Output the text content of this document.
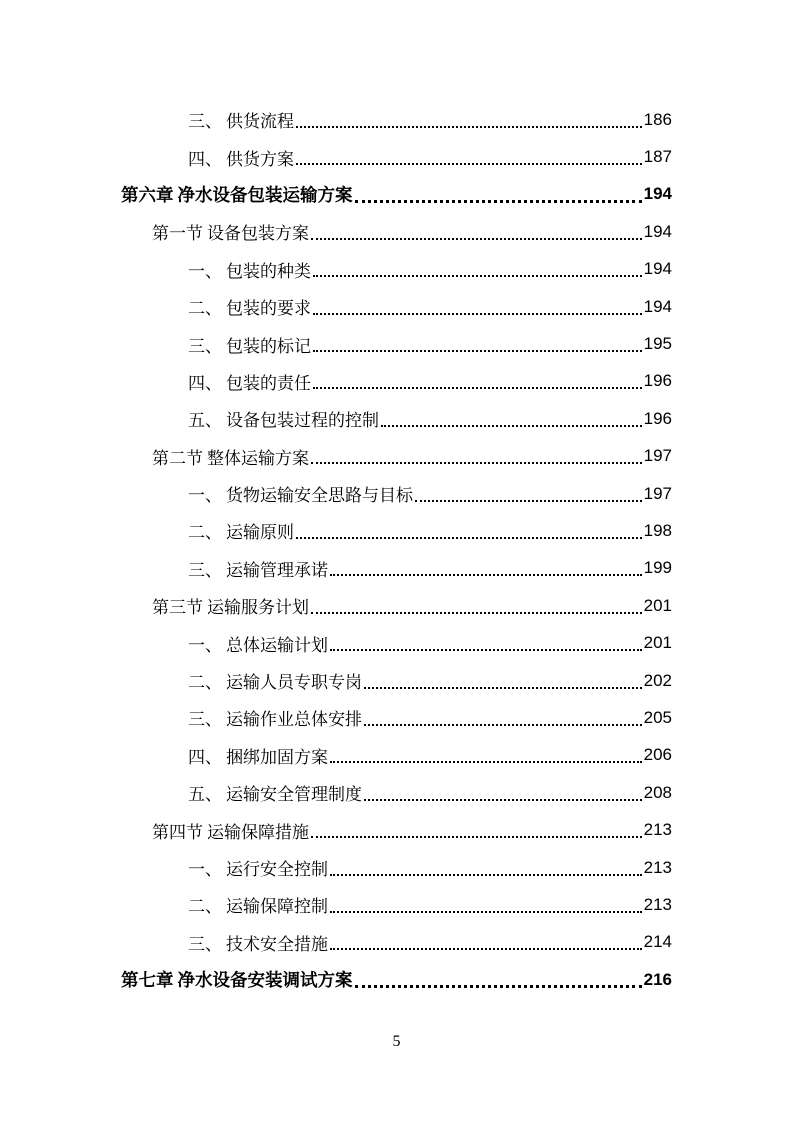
三、 供货流程	186
四、 供货方案	187
第六章 净水设备包装运输方案	194
第一节 设备包装方案	194
一、 包装的种类	194
二、 包装的要求	194
三、 包装的标记	195
四、 包装的责任	196
五、 设备包装过程的控制	196
第二节 整体运输方案	197
一、 货物运输安全思路与目标	197
二、 运输原则	198
三、 运输管理承诺	199
第三节 运输服务计划	201
一、 总体运输计划	201
二、 运输人员专职专岗	202
三、 运输作业总体安排	205
四、 捆绑加固方案	206
五、 运输安全管理制度	208
第四节 运输保障措施	213
一、 运行安全控制	213
二、 运输保障控制	213
三、 技术安全措施	214
第七章 净水设备安装调试方案	216
5
